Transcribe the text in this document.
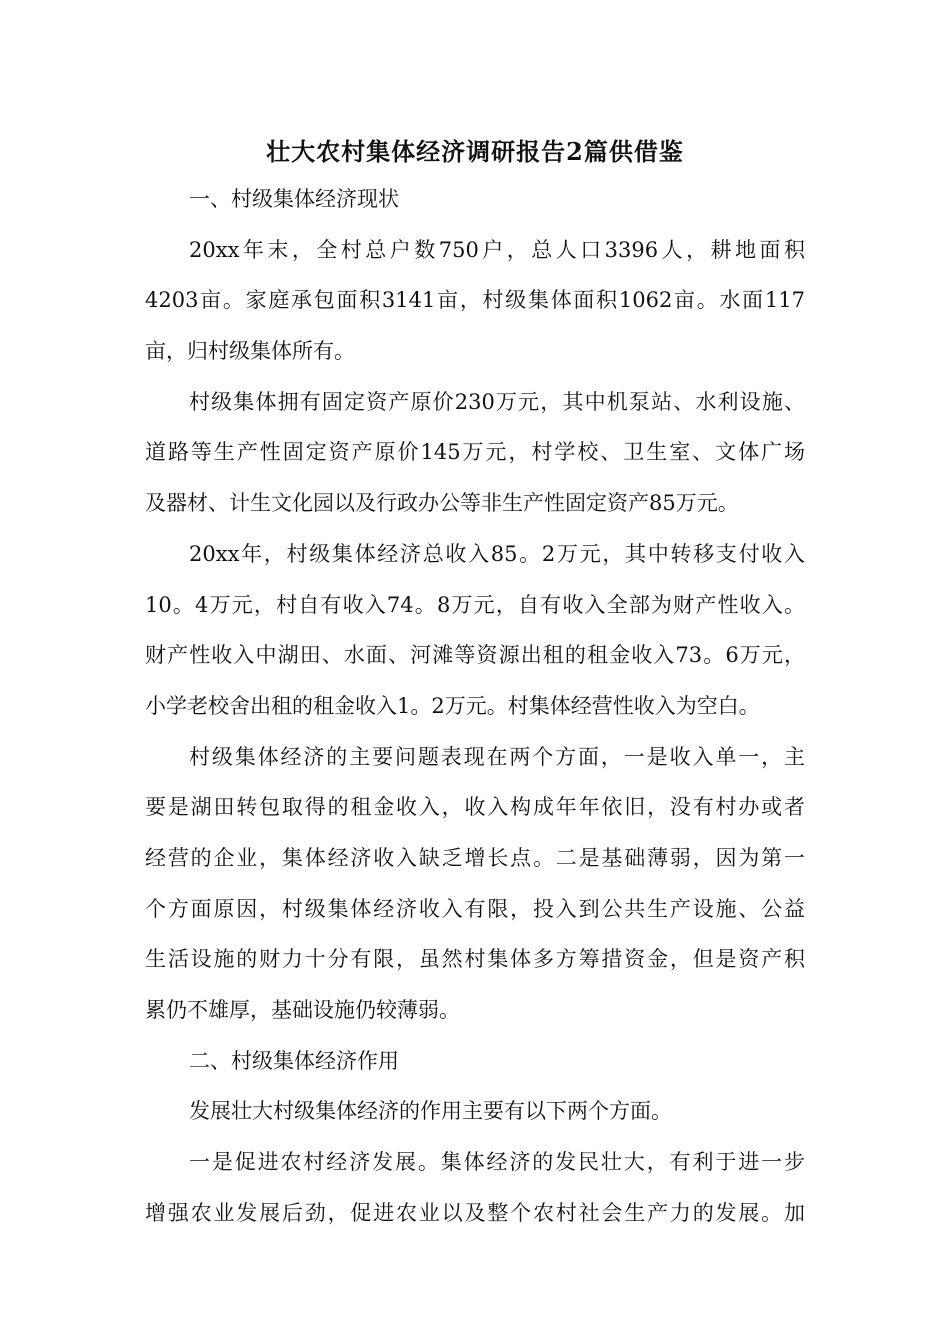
壮大农村集体经济调研报告2篇供借鉴
一、村级集体经济现状
20xx年末，全村总户数750户，总人口3396人，耕地面积
4203亩。家庭承包面积3141亩，村级集体面积1062亩。水面117
亩，归村级集体所有。
村级集体拥有固定资产原价230万元，其中机泵站、水利设施、
道路等生产性固定资产原价145万元，村学校、卫生室、文体广场
及器材、计生文化园以及行政办公等非生产性固定资产85万元。
20xx年，村级集体经济总收入85。2万元，其中转移支付收入
10。4万元，村自有收入74。8万元，自有收入全部为财产性收入。
财产性收入中湖田、水面、河滩等资源出租的租金收入73。6万元，
小学老校舍出租的租金收入1。2万元。村集体经营性收入为空白。
村级集体经济的主要问题表现在两个方面，一是收入单一，主
要是湖田转包取得的租金收入，收入构成年年依旧，没有村办或者
经营的企业，集体经济收入缺乏增长点。二是基础薄弱，因为第一
个方面原因，村级集体经济收入有限，投入到公共生产设施、公益
生活设施的财力十分有限，虽然村集体多方筹措资金，但是资产积
累仍不雄厚，基础设施仍较薄弱。
二、村级集体经济作用
发展壮大村级集体经济的作用主要有以下两个方面。
一是促进农村经济发展。集体经济的发民壮大，有利于进一步
增强农业发展后劲，促进农业以及整个农村社会生产力的发展。加
